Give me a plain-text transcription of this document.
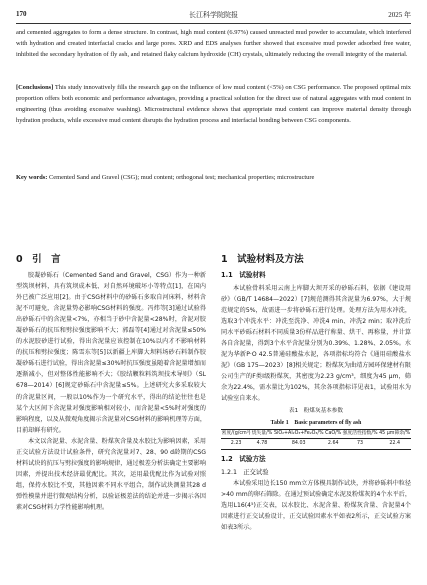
170	长江科学院院报	2025 年

and cemented aggregates to form a dense structure. In contrast, high mud content (6.97%) caused unreacted mud powder to accumulate, which interfered with hydration and created interfacial cracks and large pores. XRD and EDS analyses further showed that excessive mud powder adsorbed free water, inhibited the secondary hydration of fly ash, and retained flaky calcium hydroxide (CH) crystals, ultimately reducing the overall integrity of the material.

[Conclusions] This study innovatively fills the research gap on the influence of low mud content (<5%) on CSG performance. The proposed optimal mix proportion offers both economic and performance advantages, providing a practical solution for the direct use of natural aggregates with mud content in engineering (thus avoiding excessive washing). Microstructural evidence shows that appropriate mud content can improve material density through hydration products, while excessive mud content disrupts the hydration process and interfacial bonding between CSG components.

Key words: Cemented Sand and Gravel (CSG); mud content; orthogonal test; mechanical properties; microstructure

0　引　言

胶凝砂砾石（Cemented Sand and Gravel，CSG）作为一种新型筑坝材料，具有筑坝成本低、对自然环境破坏小等特点[1]，在国内外已被广泛应用[2]。由于CSG材料中的砂砾石多取自河床料，材料含泥不可避免，含泥量势必影响CSG材料的强度。冯炜等[3]通过试验得出砂砾石中的含泥量<7%，亦相当于砂中含泥量<28%时，含泥对胶凝砂砾石的抗压和劈拉强度影响不大；郭磊等[4]通过对含泥量≤50%的水泥胶砂进行试验，得出含泥量应该控制在10%以内才不影响材料的抗压和劈拉强度；陈雪东等[5]以新疆上库脚大坝料场砂石料制作胶凝砂砾石进行试验，得出含泥量≤30%时抗压强度虽随着含泥量增加而逐渐减小，但对整体性能影响不大；《胶结颗粒料筑坝技术导则》（SL 678—2014）[6]规定砂砾石中含泥量≤5%。上述研究大多采取较大的含泥量区间，一般以10%作为一个研究水平，得出的结论往往也是某个大区间下含泥量对强度影响相对较小，而含泥量<5%时对强度的影响程度，以及从微观角度揭示含泥量对CSG材料的影响机理等方面，目前却鲜有研究。

本文以含泥量、水泥含量、粉煤灰含量及水胶比为影响因素，采用正交试验方法设计试验条件，研究含泥量对7、28、90 d龄期的CSG材料试块的抗压与劈拉强度的影响规律，通过极差分析法确定主要影响因素，并提出技术经济最优配比。其次，运用最优配比作为试验对照组，保持水胶比不变，其他因素不同水平组合，制作试块测量其28 d弹性模量并进行微观结构分析，以验证极差法的结论并进一步揭示各因素对CSG材料力学性能影响机理。

1　试验材料及方法
1.1　试验材料

本试验骨料采用云南上库脚大坝开采的砂砾石料，依据《建设用砂》（GB/T 14684—2022）[7]规范测得其含泥量为6.97%，大于规范规定的5%，故需进一步将砂砾石进行处理。处理方法为用水冲洗，选取3个冲洗水平：冲洗至洗净、冲洗4 min、冲洗2 min；取冲洗后同水平砂砾石材料不同质量3份样品进行称量、烘干、再称量，并计算各自含泥量，得到3个水平含泥量分别为0.39%、1.28%、2.05%。水泥为华新P·O 42.5普通硅酸盐水泥，各项指标均符合《通用硅酸盐水泥》（GB 175—2023）[8]相关规定；粉煤灰为曲靖方园环保建材有限公司生产的F类Ⅰ级粉煤灰，其密度为2.23 g/cm³，细度为45 μm，筛余为22.4%，需水量比为102%，其余各项指标详见表1，试验用水为试验室自来水。

表1　粉煤灰基本参数
Table 1　Basic parameters of fly ash
密度/(g/cm³)	烧失量/%	SiO₂+Al₂O₃+Fe₂O₃/%	CaO/%	强度活性指数/%	45 μm筛余/%
2.23	4.78	84.03	2.64	73	22.4
1.2　试验方法
1.2.1　正交试验

本试验采用边长150 mm立方体模具制作试块，并将砂砾料中粒径>40 mm的卵石筛除。在通过预试验确定水泥及粉煤灰的4个水平后，选用L16(4⁵)正交表，以水胶比、水泥含量、粉煤灰含量、含泥量4个因素进行正交试验设计，正交试验因素水平如表2所示，正交试验方案如表3所示。
